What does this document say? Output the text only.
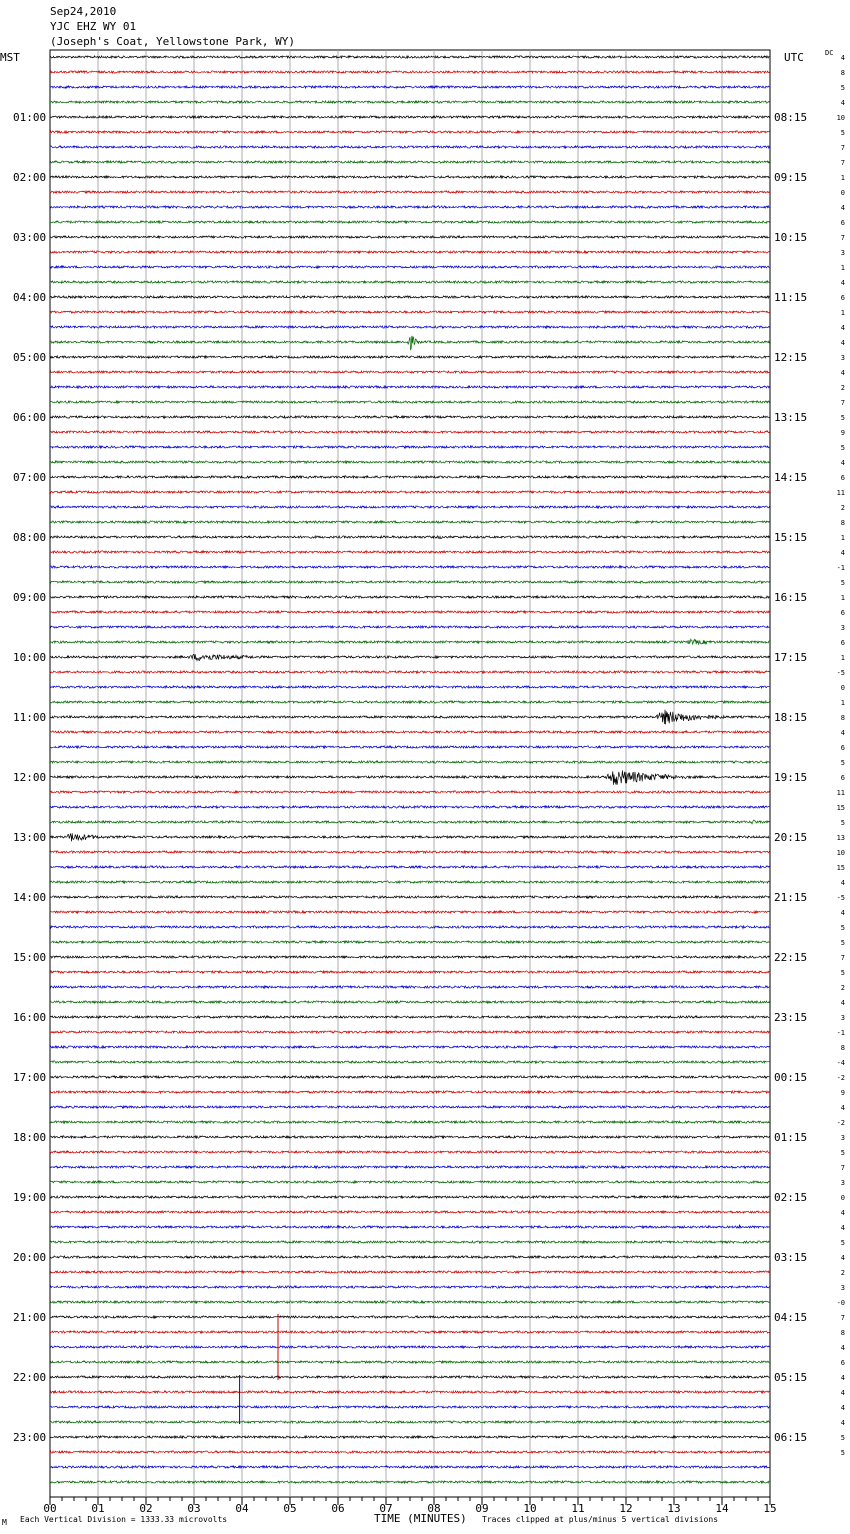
01:00
02:00
03:00
04:00
05:00
06:00
07:00
08:00
09:00
10:00
11:00
12:00
13:00
14:00
15:00
16:00
17:00
18:00
19:00
20:00
21:00
22:00
23:00
08:15
09:15
10:15
11:15
12:15
13:15
14:15
15:15
16:15
17:15
18:15
19:15
20:15
21:15
22:15
23:15
00:15
01:15
02:15
03:15
04:15
05:15
06:15
4
8
5
4
10
5
7
7
1
0
4
6
7
3
1
4
6
1
4
4
3
4
2
7
5
9
5
4
6
11
2
8
1
4
-1
5
1
6
3
6
1
-5
0
1
8
4
6
5
6
11
15
5
13
10
15
4
-5
4
5
5
7
5
2
4
3
-1
8
-4
-2
9
4
-2
3
5
7
3
0
4
4
5
4
2
3
-0
7
8
4
6
4
4
4
4
5
5
00	01	02	03	04	05	06	07	08	09	10	11	12	13	14	15
Sep24,2010
YJC EHZ WY 01
(Joseph's Coat, Yellowstone Park, WY)
MST	UTC	DC
M Each Vertical Division = 1333.33 microvolts	TIME (MINUTES) Traces clipped at plus/minus 5 vertical divisions
